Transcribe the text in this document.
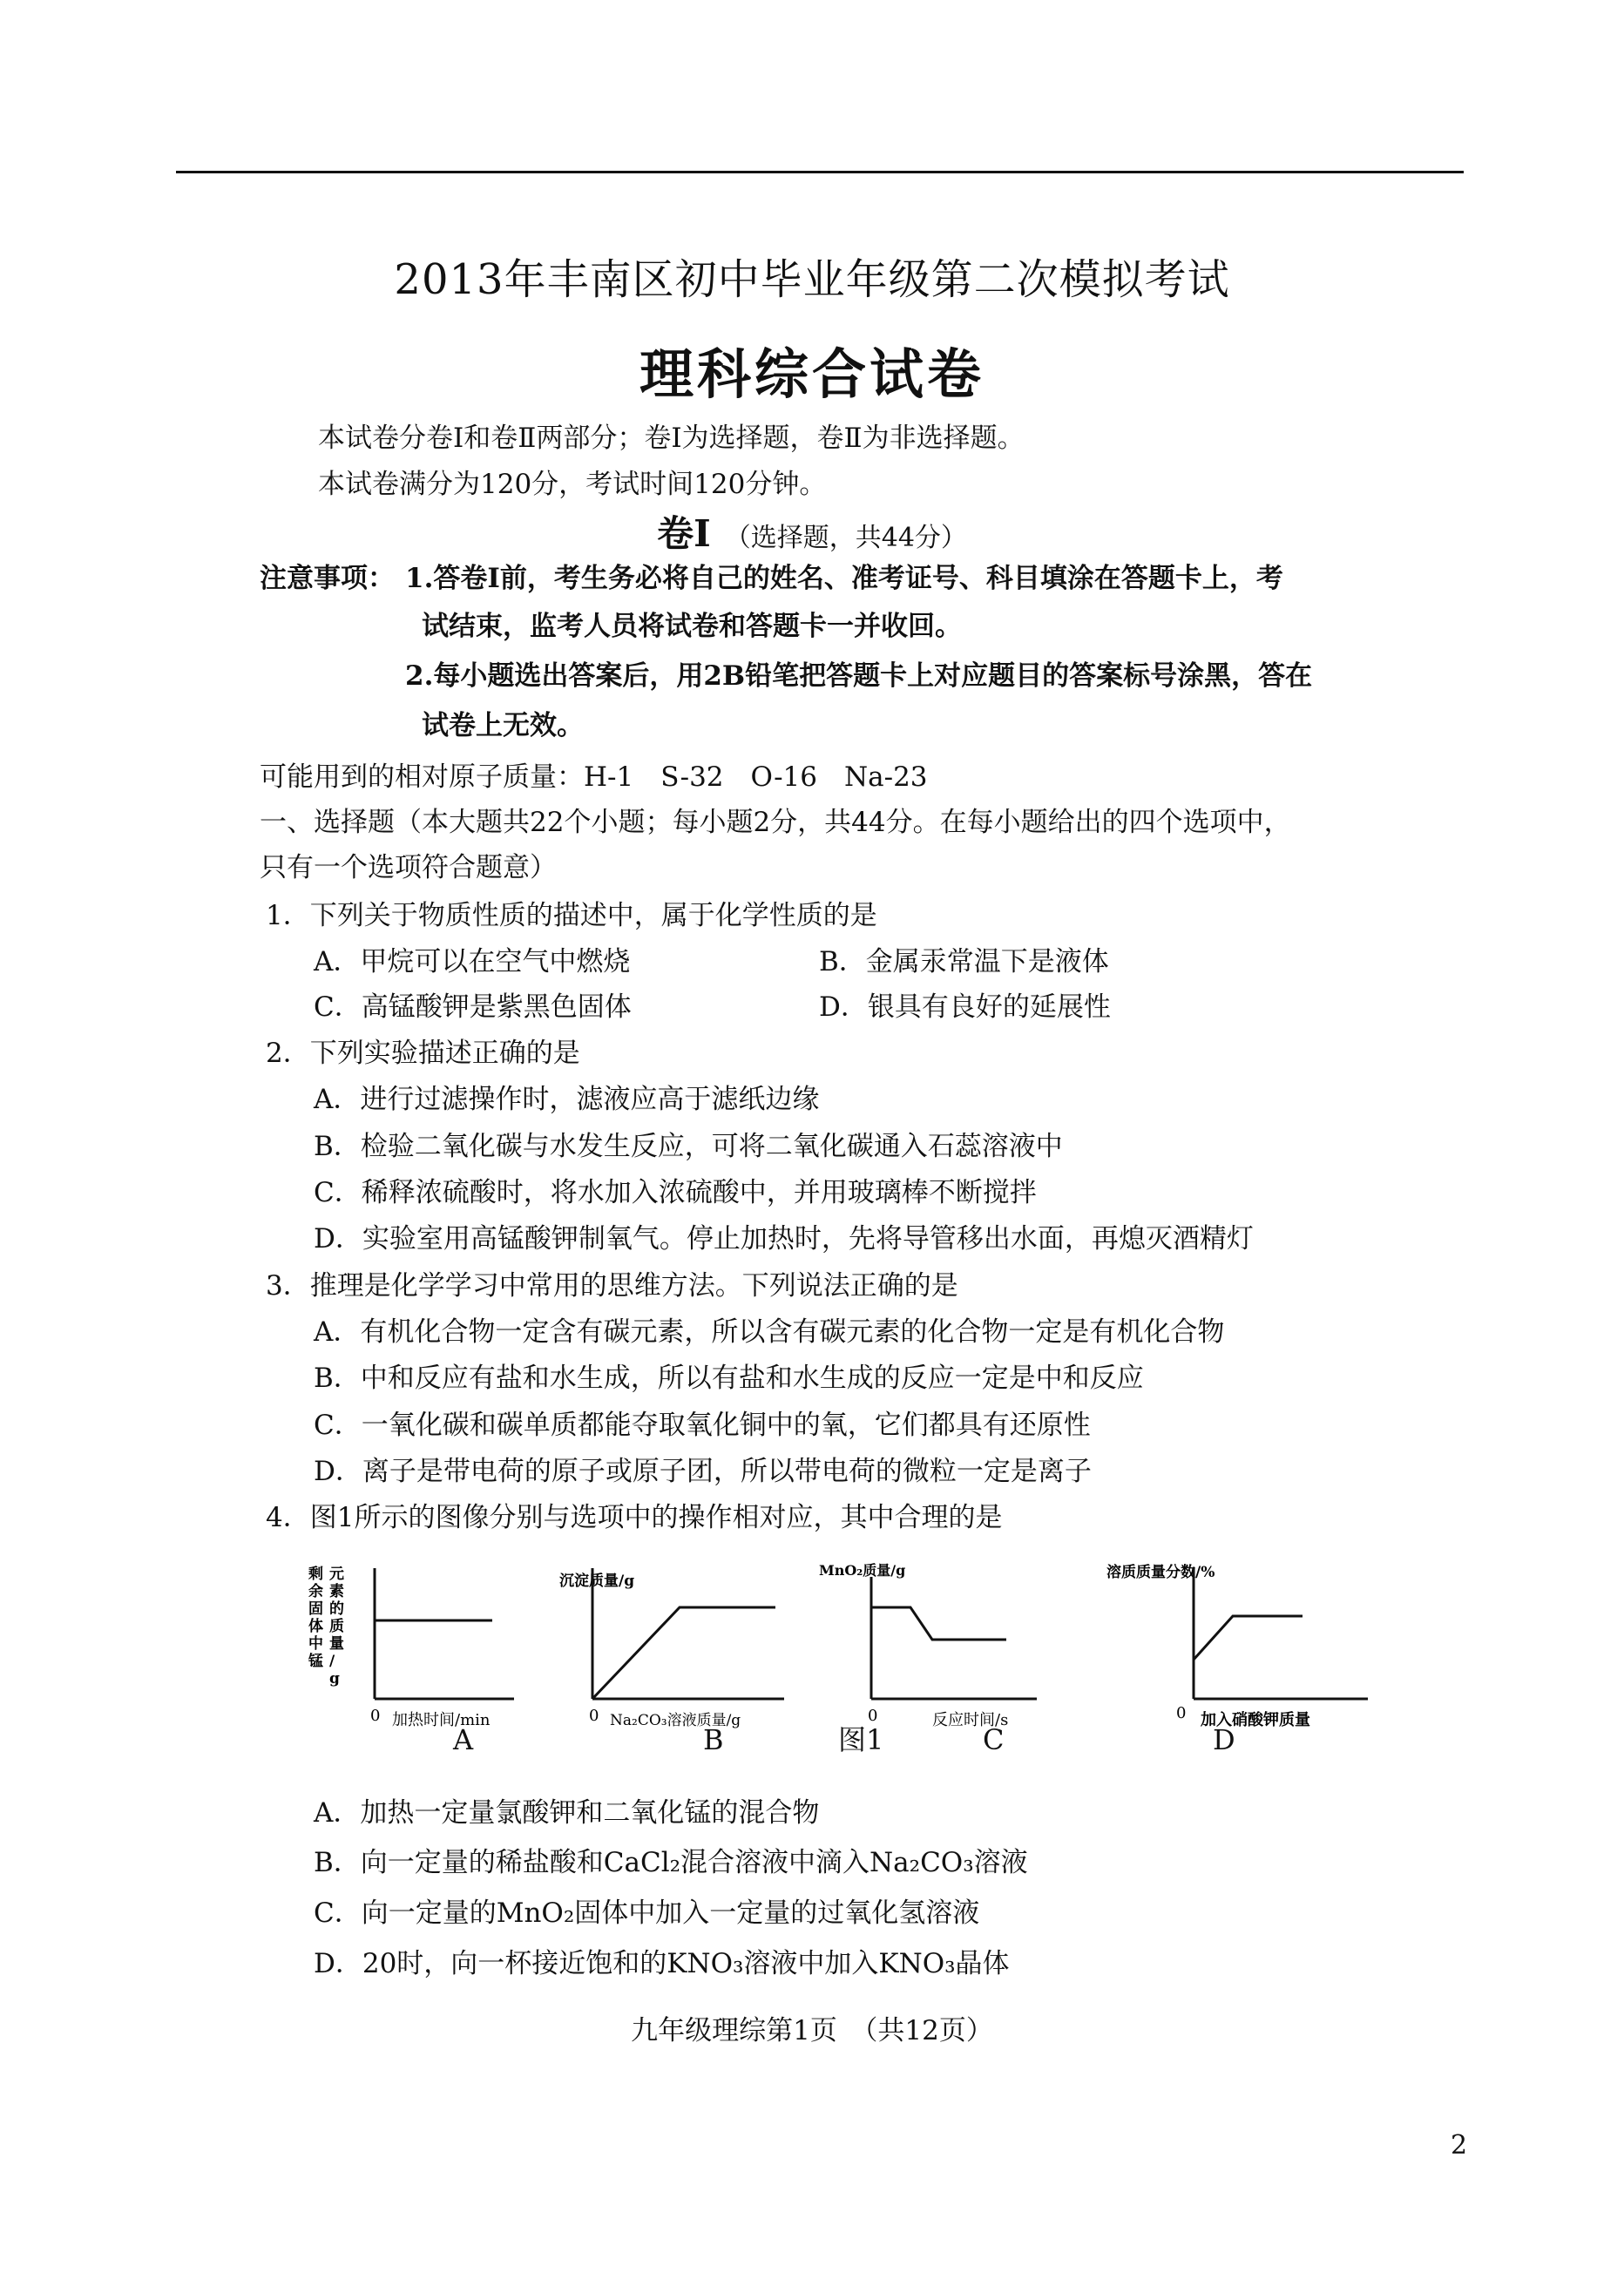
2013年丰南区初中毕业年级第二次模拟考试
理科综合试卷
本试卷分卷Ⅰ和卷Ⅱ两部分；卷Ⅰ为选择题，卷Ⅱ为非选择题。
本试卷满分为120分，考试时间120分钟。
卷Ⅰ （选择题，共44分）
注意事项： 1.答卷Ⅰ前，考生务必将自己的姓名、准考证号、科目填涂在答题卡上，考
试结束，监考人员将试卷和答题卡一并收回。
2.每小题选出答案后，用2B铅笔把答题卡上对应题目的答案标号涂黑，答在
试卷上无效。
可能用到的相对原子质量：H-1　S-32　O-16　Na-23
一、选择题（本大题共22个小题；每小题2分，共44分。在每小题给出的四个选项中，
只有一个选项符合题意）
1．下列关于物质性质的描述中，属于化学性质的是
A．甲烷可以在空气中燃烧	B．金属汞常温下是液体
C．高锰酸钾是紫黑色固体	D．银具有良好的延展性
2．下列实验描述正确的是
A．进行过滤操作时，滤液应高于滤纸边缘
B．检验二氧化碳与水发生反应，可将二氧化碳通入石蕊溶液中
C．稀释浓硫酸时，将水加入浓硫酸中，并用玻璃棒不断搅拌
D．实验室用高锰酸钾制氧气。停止加热时，先将导管移出水面，再熄灭酒精灯
3．推理是化学学习中常用的思维方法。下列说法正确的是
A．有机化合物一定含有碳元素，所以含有碳元素的化合物一定是有机化合物
B．中和反应有盐和水生成，所以有盐和水生成的反应一定是中和反应
C．一氧化碳和碳单质都能夺取氧化铜中的氧，它们都具有还原性
D．离子是带电荷的原子或原子团，所以带电荷的微粒一定是离子
4．图1所示的图像分别与选项中的操作相对应，其中合理的是
剩余固体中锰元素的质量/ g
0 加热时间/min
沉淀质量/g
0 Na₂CO₃溶液质量/g
MnO₂质量/g
0	反应时间/s
溶质质量分数/%
0 加入硝酸钾质量
A	B	图1	C	D
A．加热一定量氯酸钾和二氧化锰的混合物
B．向一定量的稀盐酸和CaCl₂混合溶液中滴入Na₂CO₃溶液
C．向一定量的MnO₂固体中加入一定量的过氧化氢溶液
D．20时，向一杯接近饱和的KNO₃溶液中加入KNO₃晶体
九年级理综第1页　（共12页）
2
